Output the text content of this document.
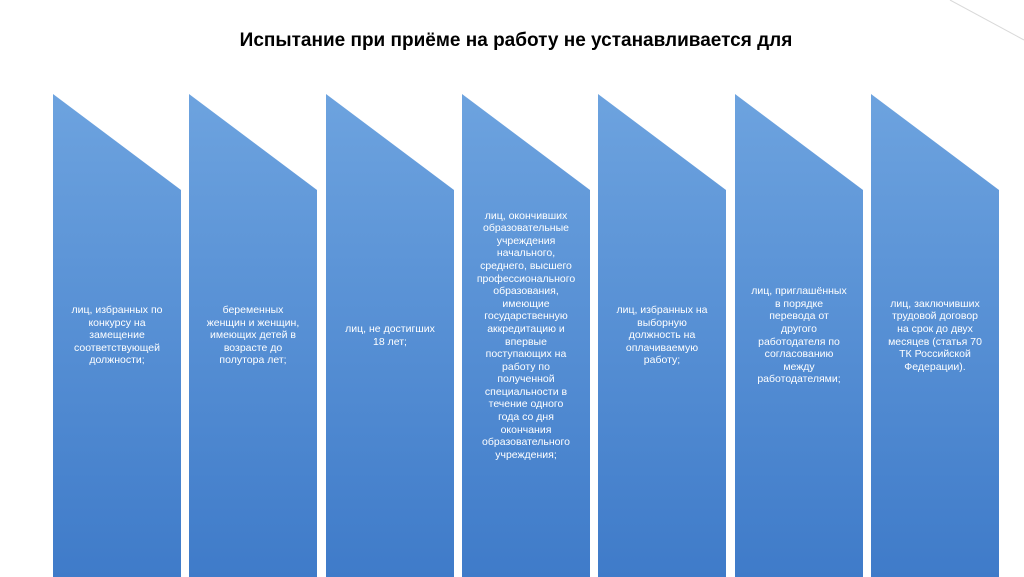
Испытание при приёме на работу не устанавливается для
лиц, избранных по конкурсу на замещение соответствующей должности;
беременных женщин и женщин, имеющих детей в возрасте до полутора лет;
лиц, не достигших 18 лет;
лиц, окончивших образовательные учреждения начального, среднего, высшего профессионального образования, имеющие государственную аккредитацию и впервые поступающих на работу по полученной специальности в течение одного года со дня окончания образовательного учреждения;
лиц, избранных на выборную должность на оплачиваемую работу;
лиц, приглашённых в порядке перевода от другого работодателя по согласованию между работодателями;
лиц, заключивших трудовой договор на срок до двух месяцев (статья 70 ТК Российской Федерации).
